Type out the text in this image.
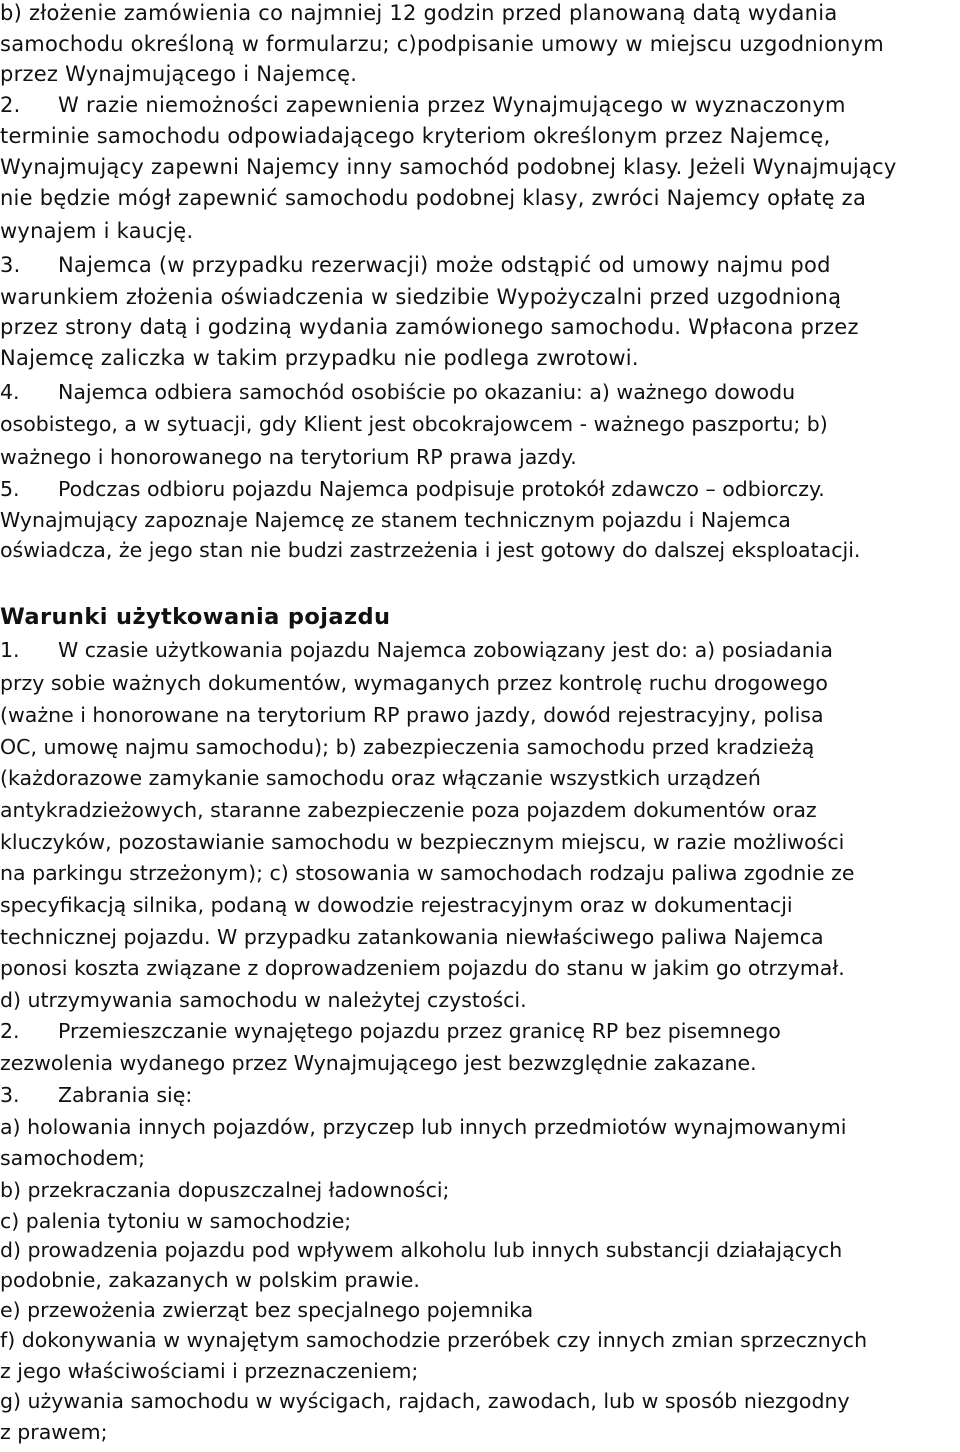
b) złożenie zamówienia co najmniej 12 godzin przed planowaną datą wydania
samochodu określoną w formularzu; c)podpisanie umowy w miejscu uzgodnionym
przez Wynajmującego i Najemcę.
2. W razie niemożności zapewnienia przez Wynajmującego w wyznaczonym
terminie samochodu odpowiadającego kryteriom określonym przez Najemcę,
Wynajmujący zapewni Najemcy inny samochód podobnej klasy. Jeżeli Wynajmujący
nie będzie mógł zapewnić samochodu podobnej klasy, zwróci Najemcy opłatę za
wynajem i kaucję.
3. Najemca (w przypadku rezerwacji) może odstąpić od umowy najmu pod
warunkiem złożenia oświadczenia w siedzibie Wypożyczalni przed uzgodnioną
przez strony datą i godziną wydania zamówionego samochodu. Wpłacona przez
Najemcę zaliczka w takim przypadku nie podlega zwrotowi.
4. Najemca odbiera samochód osobiście po okazaniu: a) ważnego dowodu
osobistego, a w sytuacji, gdy Klient jest obcokrajowcem - ważnego paszportu; b)
ważnego i honorowanego na terytorium RP prawa jazdy.
5. Podczas odbioru pojazdu Najemca podpisuje protokół zdawczo – odbiorczy.
Wynajmujący zapoznaje Najemcę ze stanem technicznym pojazdu i Najemca
oświadcza, że jego stan nie budzi zastrzeżenia i jest gotowy do dalszej eksploatacji.
Warunki użytkowania pojazdu
1. W czasie użytkowania pojazdu Najemca zobowiązany jest do: a) posiadania
przy sobie ważnych dokumentów, wymaganych przez kontrolę ruchu drogowego
(ważne i honorowane na terytorium RP prawo jazdy, dowód rejestracyjny, polisa
OC, umowę najmu samochodu); b) zabezpieczenia samochodu przed kradzieżą
(każdorazowe zamykanie samochodu oraz włączanie wszystkich urządzeń
antykradzieżowych, staranne zabezpieczenie poza pojazdem dokumentów oraz
kluczyków, pozostawianie samochodu w bezpiecznym miejscu, w razie możliwości
na parkingu strzeżonym); c) stosowania w samochodach rodzaju paliwa zgodnie ze
specyfikacją silnika, podaną w dowodzie rejestracyjnym oraz w dokumentacji
technicznej pojazdu. W przypadku zatankowania niewłaściwego paliwa Najemca
ponosi koszta związane z doprowadzeniem pojazdu do stanu w jakim go otrzymał.
d) utrzymywania samochodu w należytej czystości.
2. Przemieszczanie wynajętego pojazdu przez granicę RP bez pisemnego
zezwolenia wydanego przez Wynajmującego jest bezwzględnie zakazane.
3. Zabrania się:
a) holowania innych pojazdów, przyczep lub innych przedmiotów wynajmowanymi
samochodem;
b) przekraczania dopuszczalnej ładowności;
c) palenia tytoniu w samochodzie;
d) prowadzenia pojazdu pod wpływem alkoholu lub innych substancji działających
podobnie, zakazanych w polskim prawie.
e) przewożenia zwierząt bez specjalnego pojemnika
f) dokonywania w wynajętym samochodzie przeróbek czy innych zmian sprzecznych
z jego właściwościami i przeznaczeniem;
g) używania samochodu w wyścigach, rajdach, zawodach, lub w sposób niezgodny
z prawem;
